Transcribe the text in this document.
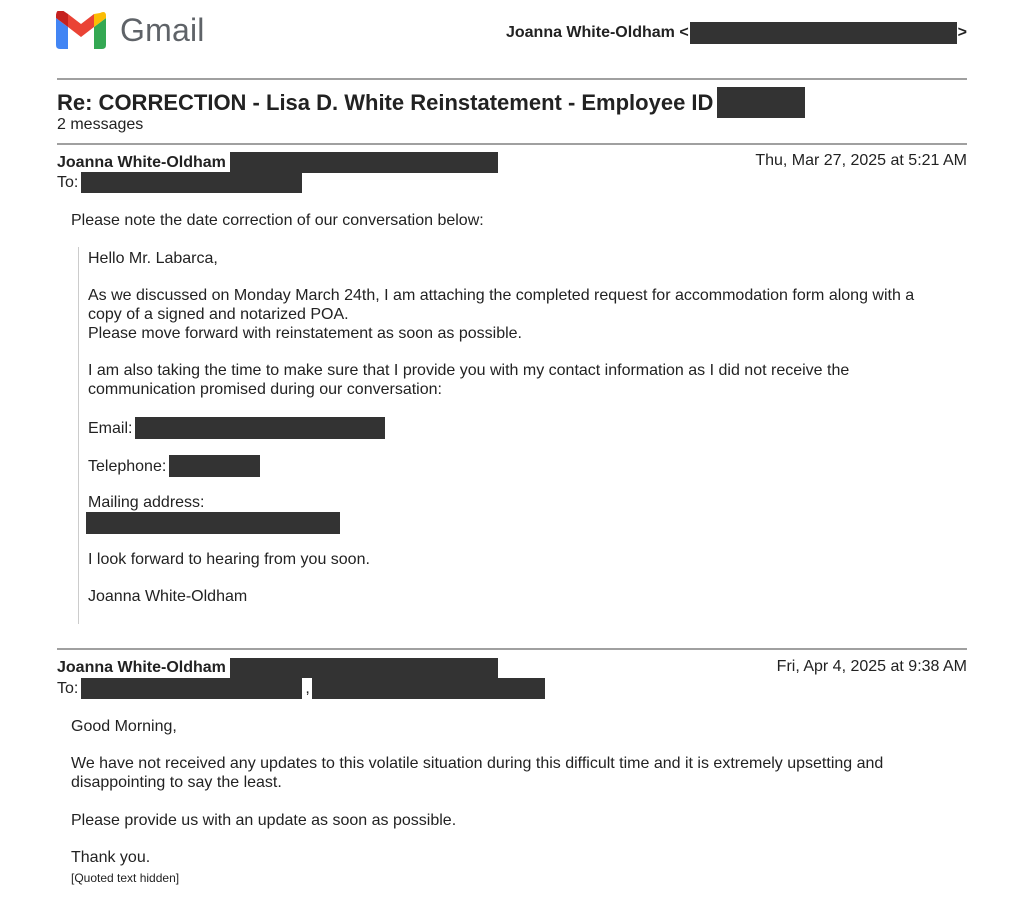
Gmail	Joanna White-Oldham <	>
Re: CORRECTION - Lisa D. White Reinstatement - Employee ID
2 messages
Joanna White-Oldham	Thu, Mar 27, 2025 at 5:21 AM
To:
Please note the date correction of our conversation below:
Hello Mr. Labarca,

As we discussed on Monday March 24th, I am attaching the completed request for accommodation form along with a

copy of a signed and notarized POA.

Please move forward with reinstatement as soon as possible.

I am also taking the time to make sure that I provide you with my contact information as I did not receive the

communication promised during our conversation:

Email:
Telephone:
Mailing address:
I look forward to hearing from you soon.
Joanna White-Oldham
Joanna White-Oldham	Fri, Apr 4, 2025 at 9:38 AM
To:	,
Good Morning,

We have not received any updates to this volatile situation during this difficult time and it is extremely upsetting and

disappointing to say the least.

Please provide us with an update as soon as possible.
Thank you.
[Quoted text hidden]
